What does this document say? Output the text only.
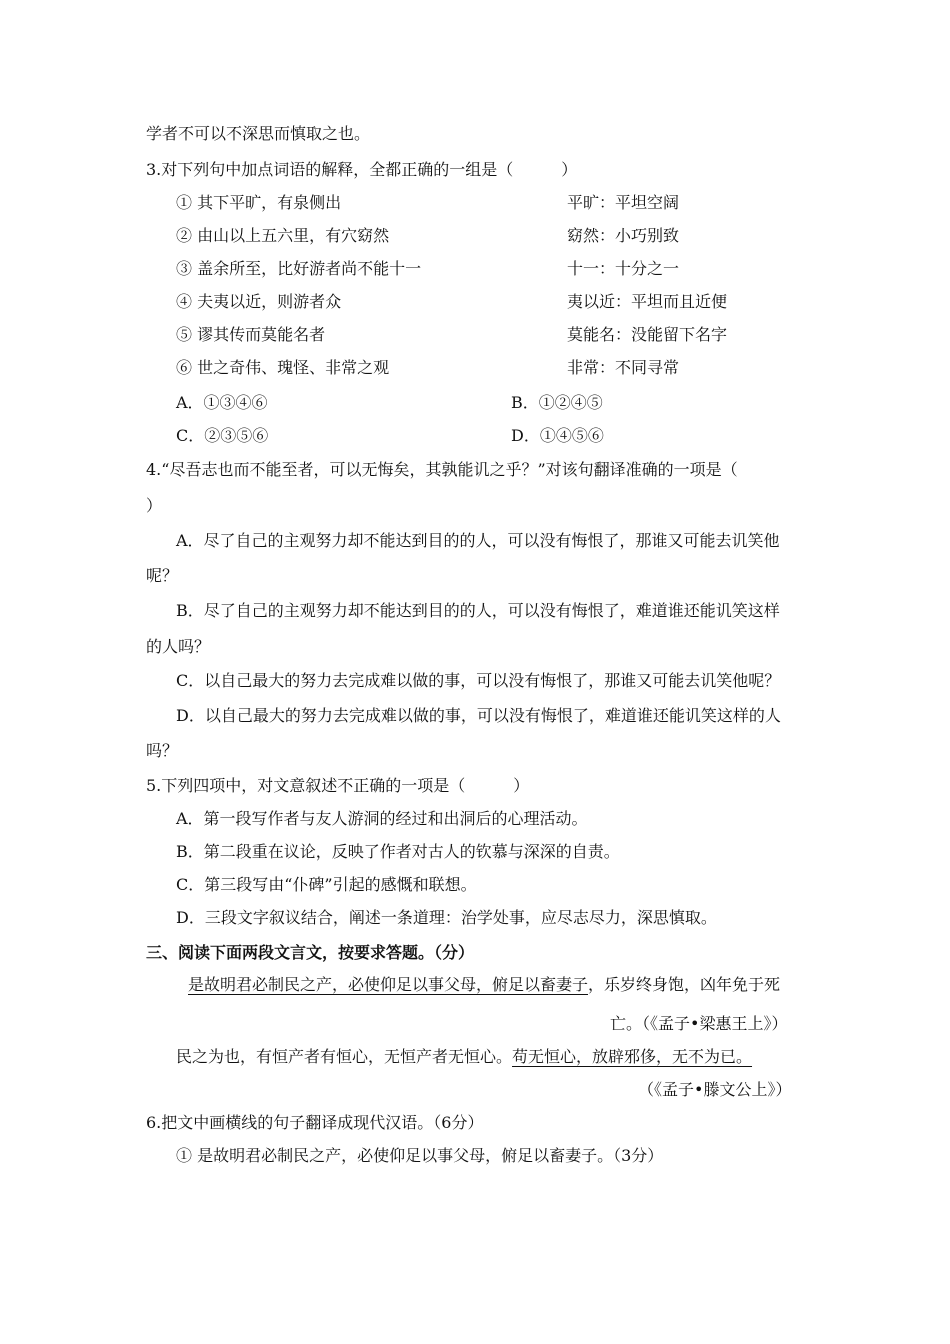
学者不可以不深思而慎取之也。
3.对下列句中加点词语的解释，全都正确的一组是（　　　）
① 其下平旷，有泉侧出	平旷：平坦空阔
② 由山以上五六里，有穴窈然	窈然：小巧别致
③ 盖余所至，比好游者尚不能十一	十一：十分之一
④ 夫夷以近，则游者众	夷以近：平坦而且近便
⑤ 谬其传而莫能名者	莫能名：没能留下名字
⑥ 世之奇伟、瑰怪、非常之观	非常：不同寻常
A．①③④⑥	B．①②④⑤
C．②③⑤⑥	D．①④⑤⑥
4.“尽吾志也而不能至者，可以无悔矣，其孰能讥之乎？”对该句翻译准确的一项是（
）
A．尽了自己的主观努力却不能达到目的的人，可以没有悔恨了，那谁又可能去讥笑他
呢？
B．尽了自己的主观努力却不能达到目的的人，可以没有悔恨了，难道谁还能讥笑这样
的人吗？
C．以自己最大的努力去完成难以做的事，可以没有悔恨了，那谁又可能去讥笑他呢？
D．以自己最大的努力去完成难以做的事，可以没有悔恨了，难道谁还能讥笑这样的人
吗？
5.下列四项中，对文意叙述不正确的一项是（　　　）
A．第一段写作者与友人游洞的经过和出洞后的心理活动。
B．第二段重在议论，反映了作者对古人的钦慕与深深的自责。
C．第三段写由“仆碑”引起的感慨和联想。
D．三段文字叙议结合，阐述一条道理：治学处事，应尽志尽力，深思慎取。
三、阅读下面两段文言文，按要求答题。（分）
是故明君必制民之产，必使仰足以事父母，俯足以畜妻子，乐岁终身饱，凶年免于死
亡。（《孟子•梁惠王上》）
民之为也，有恒产者有恒心，无恒产者无恒心。苟无恒心，放辟邪侈，无不为已。
（《孟子•滕文公上》）
6.把文中画横线的句子翻译成现代汉语。（6分）
① 是故明君必制民之产，必使仰足以事父母，俯足以畜妻子。（3分）
